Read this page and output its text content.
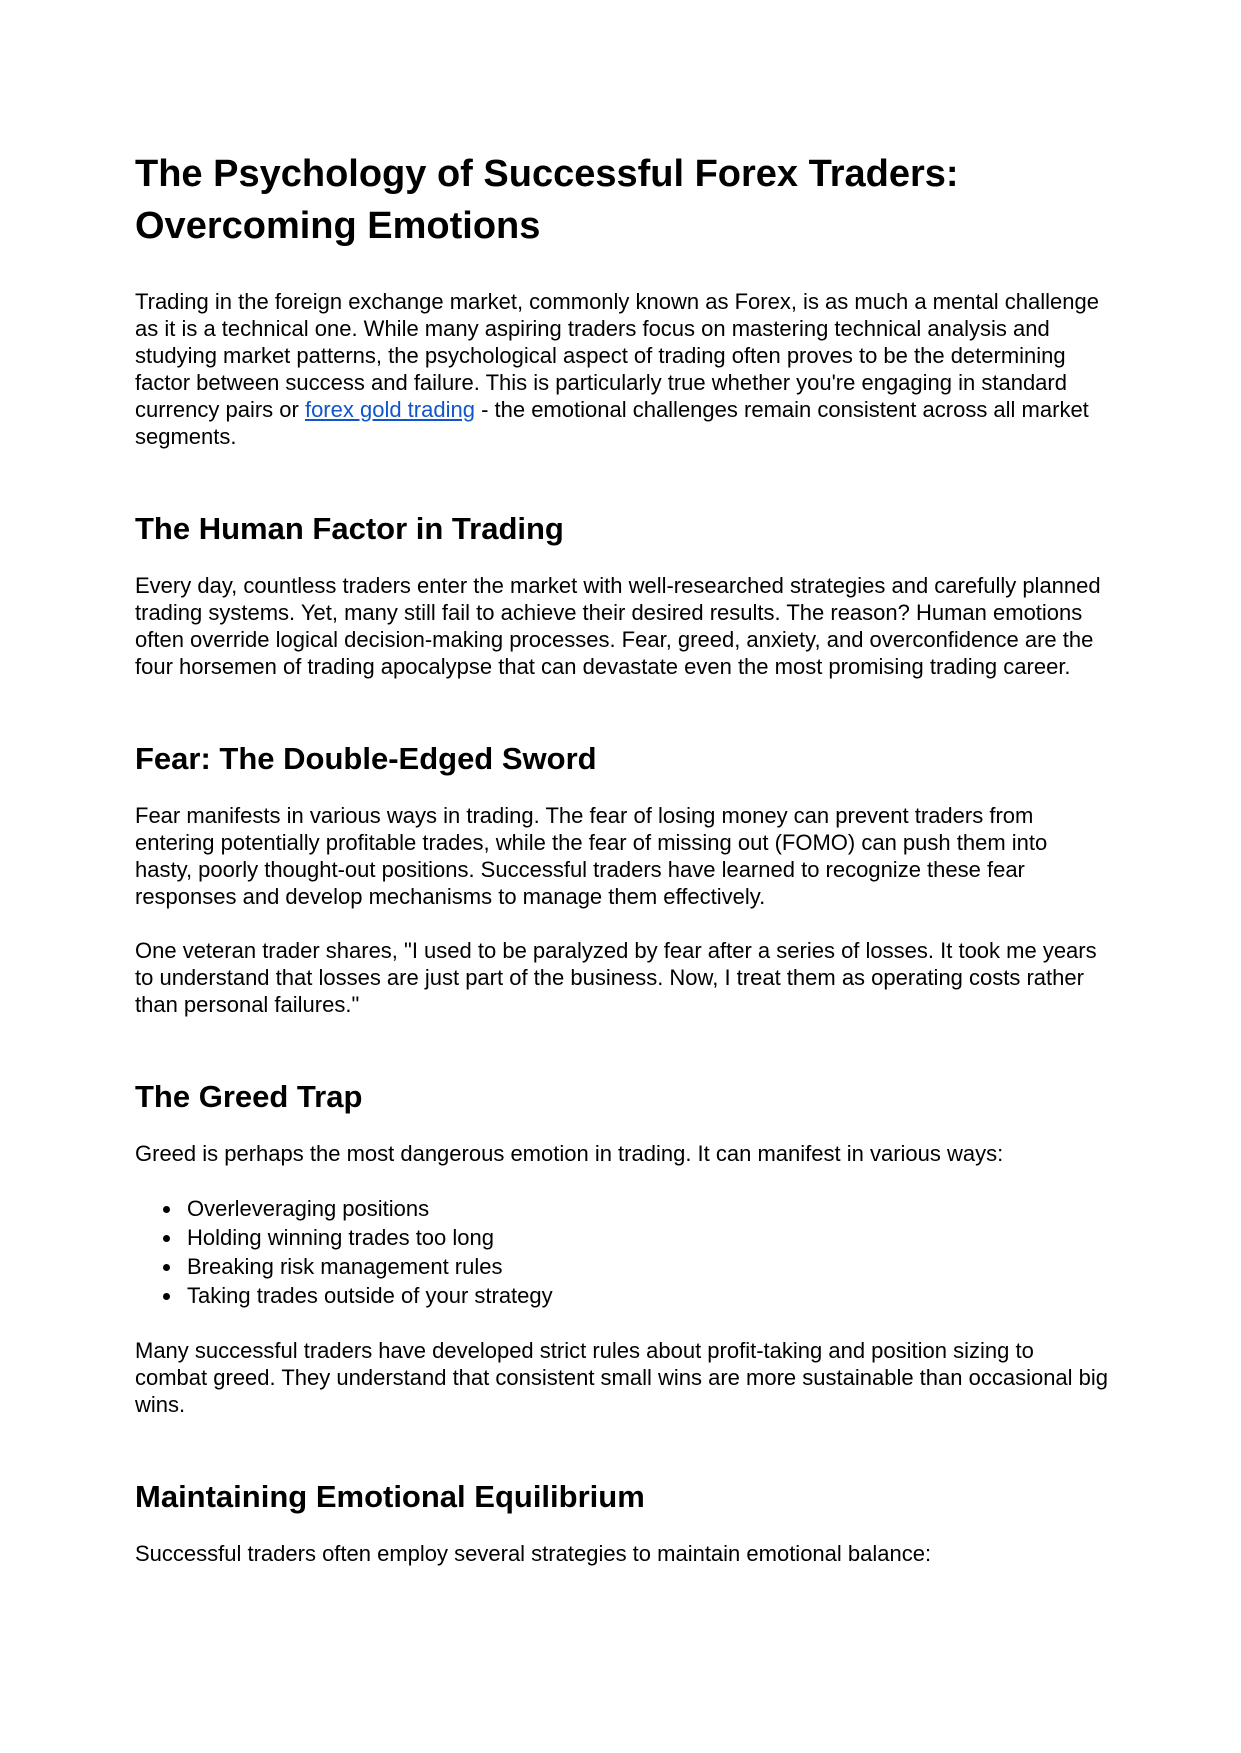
The Psychology of Successful Forex Traders: Overcoming Emotions

Trading in the foreign exchange market, commonly known as Forex, is as much a mental challenge as it is a technical one. While many aspiring traders focus on mastering technical analysis and studying market patterns, the psychological aspect of trading often proves to be the determining factor between success and failure. This is particularly true whether you're engaging in standard currency pairs or forex gold trading - the emotional challenges remain consistent across all market segments.

The Human Factor in Trading

Every day, countless traders enter the market with well-researched strategies and carefully planned trading systems. Yet, many still fail to achieve their desired results. The reason? Human emotions often override logical decision-making processes. Fear, greed, anxiety, and overconfidence are the four horsemen of trading apocalypse that can devastate even the most promising trading career.

Fear: The Double-Edged Sword

Fear manifests in various ways in trading. The fear of losing money can prevent traders from entering potentially profitable trades, while the fear of missing out (FOMO) can push them into hasty, poorly thought-out positions. Successful traders have learned to recognize these fear responses and develop mechanisms to manage them effectively.

One veteran trader shares, "I used to be paralyzed by fear after a series of losses. It took me years to understand that losses are just part of the business. Now, I treat them as operating costs rather than personal failures."

The Greed Trap

Greed is perhaps the most dangerous emotion in trading. It can manifest in various ways:

• Overleveraging positions
• Holding winning trades too long
• Breaking risk management rules
• Taking trades outside of your strategy

Many successful traders have developed strict rules about profit-taking and position sizing to combat greed. They understand that consistent small wins are more sustainable than occasional big wins.

Maintaining Emotional Equilibrium

Successful traders often employ several strategies to maintain emotional balance:
